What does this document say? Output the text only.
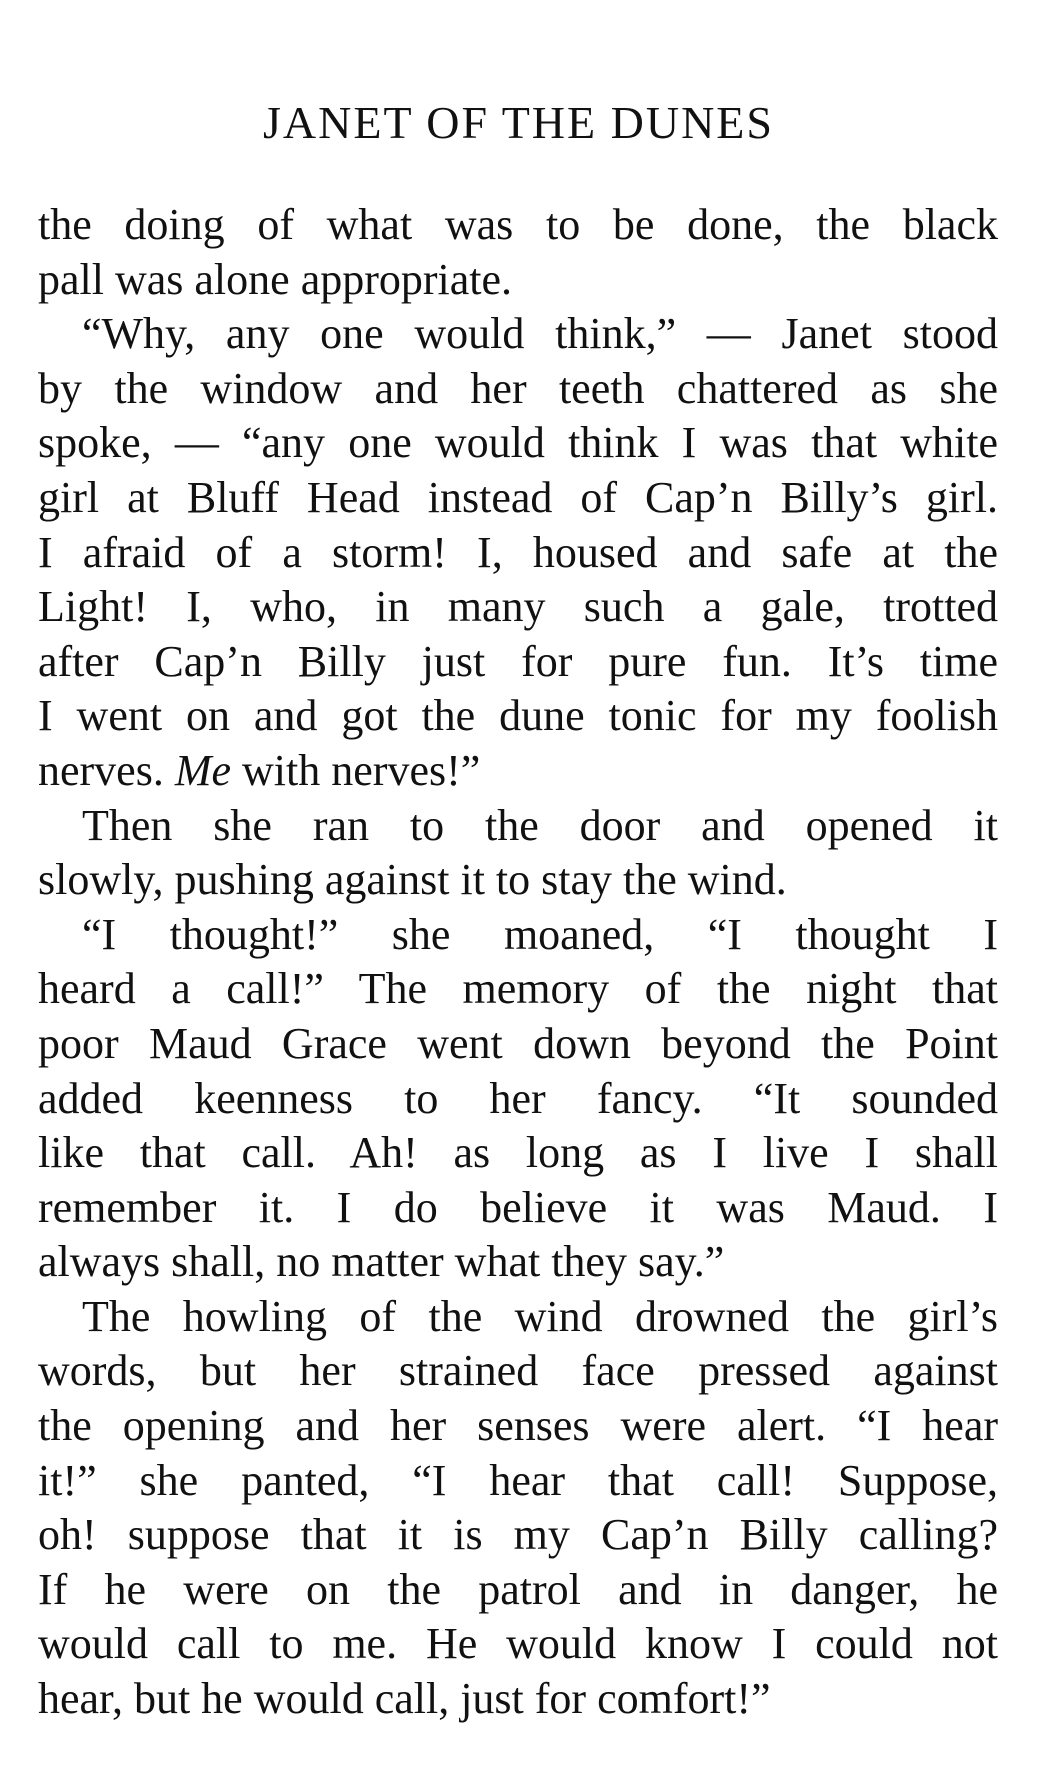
JANET OF THE DUNES
the doing of what was to be done, the black
pall was alone appropriate.
“Why, any one would think,” — Janet stood
by the window and her teeth chattered as she
spoke, — “any one would think I was that white
girl at Bluff Head instead of Cap’n Billy’s girl.
I afraid of a storm! I, housed and safe at the
Light! I, who, in many such a gale, trotted
after Cap’n Billy just for pure fun. It’s time
I went on and got the dune tonic for my foolish
nerves. Me with nerves!”
Then she ran to the door and opened it
slowly, pushing against it to stay the wind.
“I thought!” she moaned, “I thought I
heard a call!” The memory of the night that
poor Maud Grace went down beyond the Point
added keenness to her fancy. “It sounded
like that call. Ah! as long as I live I shall
remember it. I do believe it was Maud. I
always shall, no matter what they say.”
The howling of the wind drowned the girl’s
words, but her strained face pressed against
the opening and her senses were alert. “I hear
it!” she panted, “I hear that call! Suppose,
oh! suppose that it is my Cap’n Billy calling?
If he were on the patrol and in danger, he
would call to me. He would know I could not
hear, but he would call, just for comfort!”
